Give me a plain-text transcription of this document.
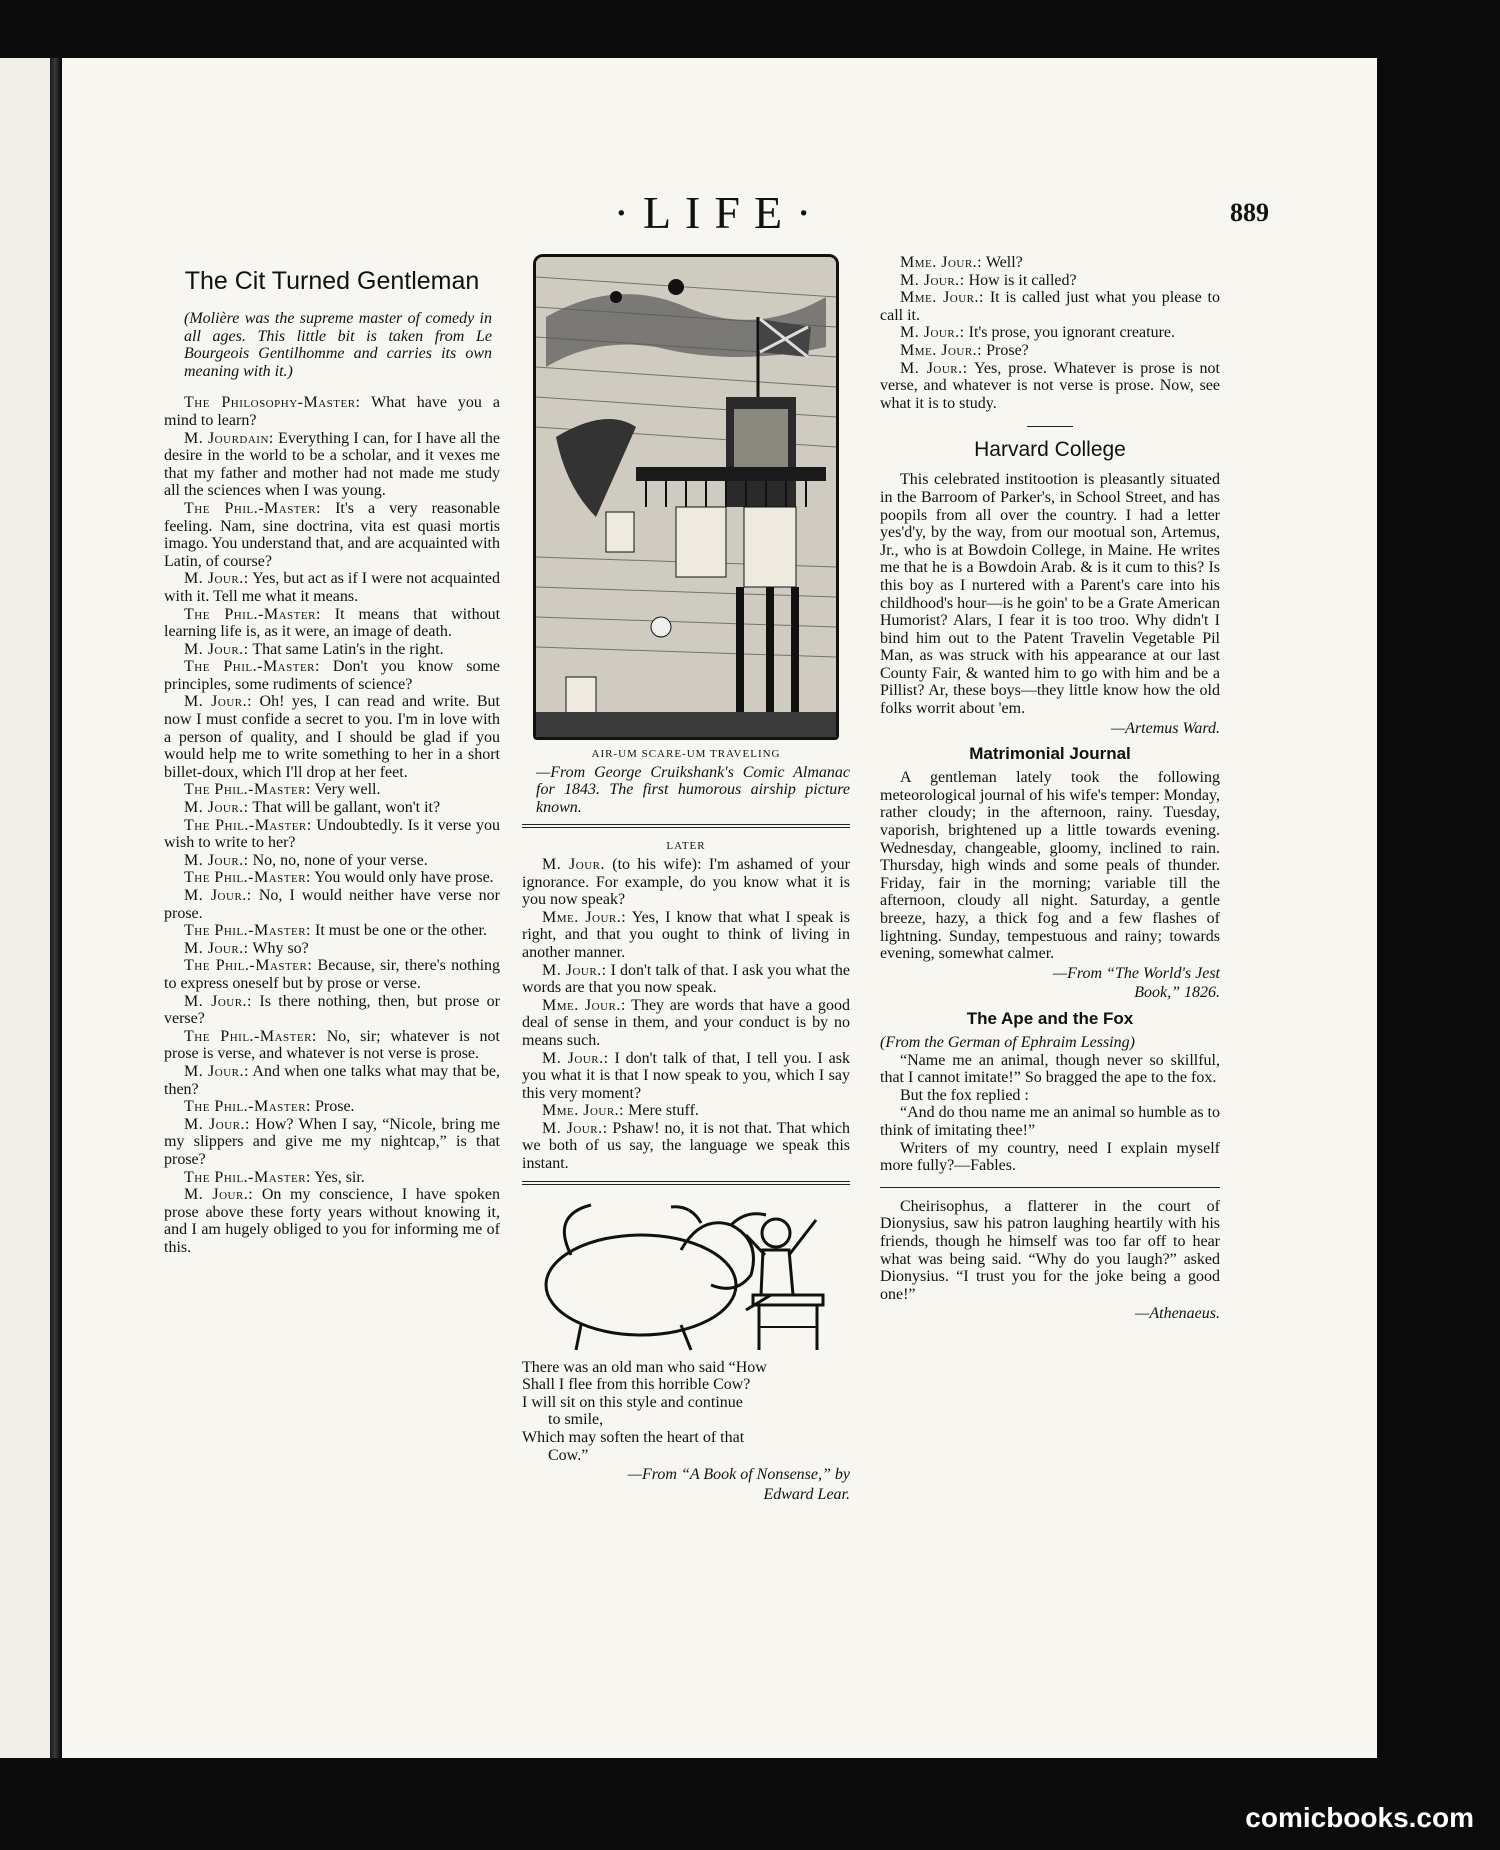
·LIFE·	889
The Cit Turned Gentleman

(Molière was the supreme master of comedy in all ages. This little bit is taken from Le Bourgeois Gentilhomme and carries its own meaning with it.)

The Philosophy-Master: What have you a mind to learn?

M. Jourdain: Everything I can, for I have all the desire in the world to be a scholar, and it vexes me that my father and mother had not made me study all the sciences when I was young.

The Phil.-Master: It's a very reasonable feeling. Nam, sine doctrina, vita est quasi mortis imago. You understand that, and are acquainted with Latin, of course?

M. Jour.: Yes, but act as if I were not acquainted with it. Tell me what it means.

The Phil.-Master: It means that without learning life is, as it were, an image of death.

M. Jour.: That same Latin's in the right.

The Phil.-Master: Don't you know some principles, some rudiments of science?

M. Jour.: Oh! yes, I can read and write. But now I must confide a secret to you. I'm in love with a person of quality, and I should be glad if you would help me to write something to her in a short billet-doux, which I'll drop at her feet.

The Phil.-Master: Very well.

M. Jour.: That will be gallant, won't it?

The Phil.-Master: Undoubtedly. Is it verse you wish to write to her?

M. Jour.: No, no, none of your verse.

The Phil.-Master: You would only have prose.

M. Jour.: No, I would neither have verse nor prose.

The Phil.-Master: It must be one or the other.

M. Jour.: Why so?

The Phil.-Master: Because, sir, there's nothing to express oneself but by prose or verse.

M. Jour.: Is there nothing, then, but prose or verse?

The Phil.-Master: No, sir; whatever is not prose is verse, and whatever is not verse is prose.

M. Jour.: And when one talks what may that be, then?

The Phil.-Master: Prose.

M. Jour.: How? When I say, “Nicole, bring me my slippers and give me my nightcap,” is that prose?

The Phil.-Master: Yes, sir.

M. Jour.: On my conscience, I have spoken prose above these forty years without knowing it, and I am hugely obliged to you for informing me of this.

AIR-UM SCARE-UM TRAVELING

—From George Cruikshank's Comic Almanac for 1843. The first humorous airship picture known.

LATER

M. Jour. (to his wife): I'm ashamed of your ignorance. For example, do you know what it is you now speak?

Mme. Jour.: Yes, I know that what I speak is right, and that you ought to think of living in another manner.

M. Jour.: I don't talk of that. I ask you what the words are that you now speak.

Mme. Jour.: They are words that have a good deal of sense in them, and your conduct is by no means such.

M. Jour.: I don't talk of that, I tell you. I ask you what it is that I now speak to you, which I say this very moment?

Mme. Jour.: Mere stuff.

M. Jour.: Pshaw! no, it is not that. That which we both of us say, the language we speak this instant.

There was an old man who said “How

Shall I flee from this horrible Cow?

I will sit on this style and continue

to smile,

Which may soften the heart of that

Cow.”

—From “A Book of Nonsense,” by

Edward Lear.

Mme. Jour.: Well?

M. Jour.: How is it called?

Mme. Jour.: It is called just what you please to call it.

M. Jour.: It's prose, you ignorant creature.

Mme. Jour.: Prose?

M. Jour.: Yes, prose. Whatever is prose is not verse, and whatever is not verse is prose. Now, see what it is to study.

Harvard College

This celebrated institootion is pleasantly situated in the Barroom of Parker's, in School Street, and has poopils from all over the country. I had a letter yes'd'y, by the way, from our mootual son, Artemus, Jr., who is at Bowdoin College, in Maine. He writes me that he is a Bowdoin Arab. & is it cum to this? Is this boy as I nurtered with a Parent's care into his childhood's hour—is he goin' to be a Grate American Humorist? Alars, I fear it is too troo. Why didn't I bind him out to the Patent Travelin Vegetable Pil Man, as was struck with his appearance at our last County Fair, & wanted him to go with him and be a Pillist? Ar, these boys—they little know how the old folks worrit about 'em.

—Artemus Ward.

Matrimonial Journal

A gentleman lately took the following meteorological journal of his wife's temper: Monday, rather cloudy; in the afternoon, rainy. Tuesday, vaporish, brightened up a little towards evening. Wednesday, changeable, gloomy, inclined to rain. Thursday, high winds and some peals of thunder. Friday, fair in the morning; variable till the afternoon, cloudy all night. Saturday, a gentle breeze, hazy, a thick fog and a few flashes of lightning. Sunday, tempestuous and rainy; towards evening, somewhat calmer.

—From “The World's Jest

Book,” 1826.

The Ape and the Fox

(From the German of Ephraim Lessing)

“Name me an animal, though never so skillful, that I cannot imitate!” So bragged the ape to the fox.

But the fox replied :

“And do thou name me an animal so humble as to think of imitating thee!”

Writers of my country, need I explain myself more fully?—Fables.

Cheirisophus, a flatterer in the court of Dionysius, saw his patron laughing heartily with his friends, though he himself was too far off to hear what was being said. “Why do you laugh?” asked Dionysius. “I trust you for the joke being a good one!”

—Athenaeus.

comicbooks.com
